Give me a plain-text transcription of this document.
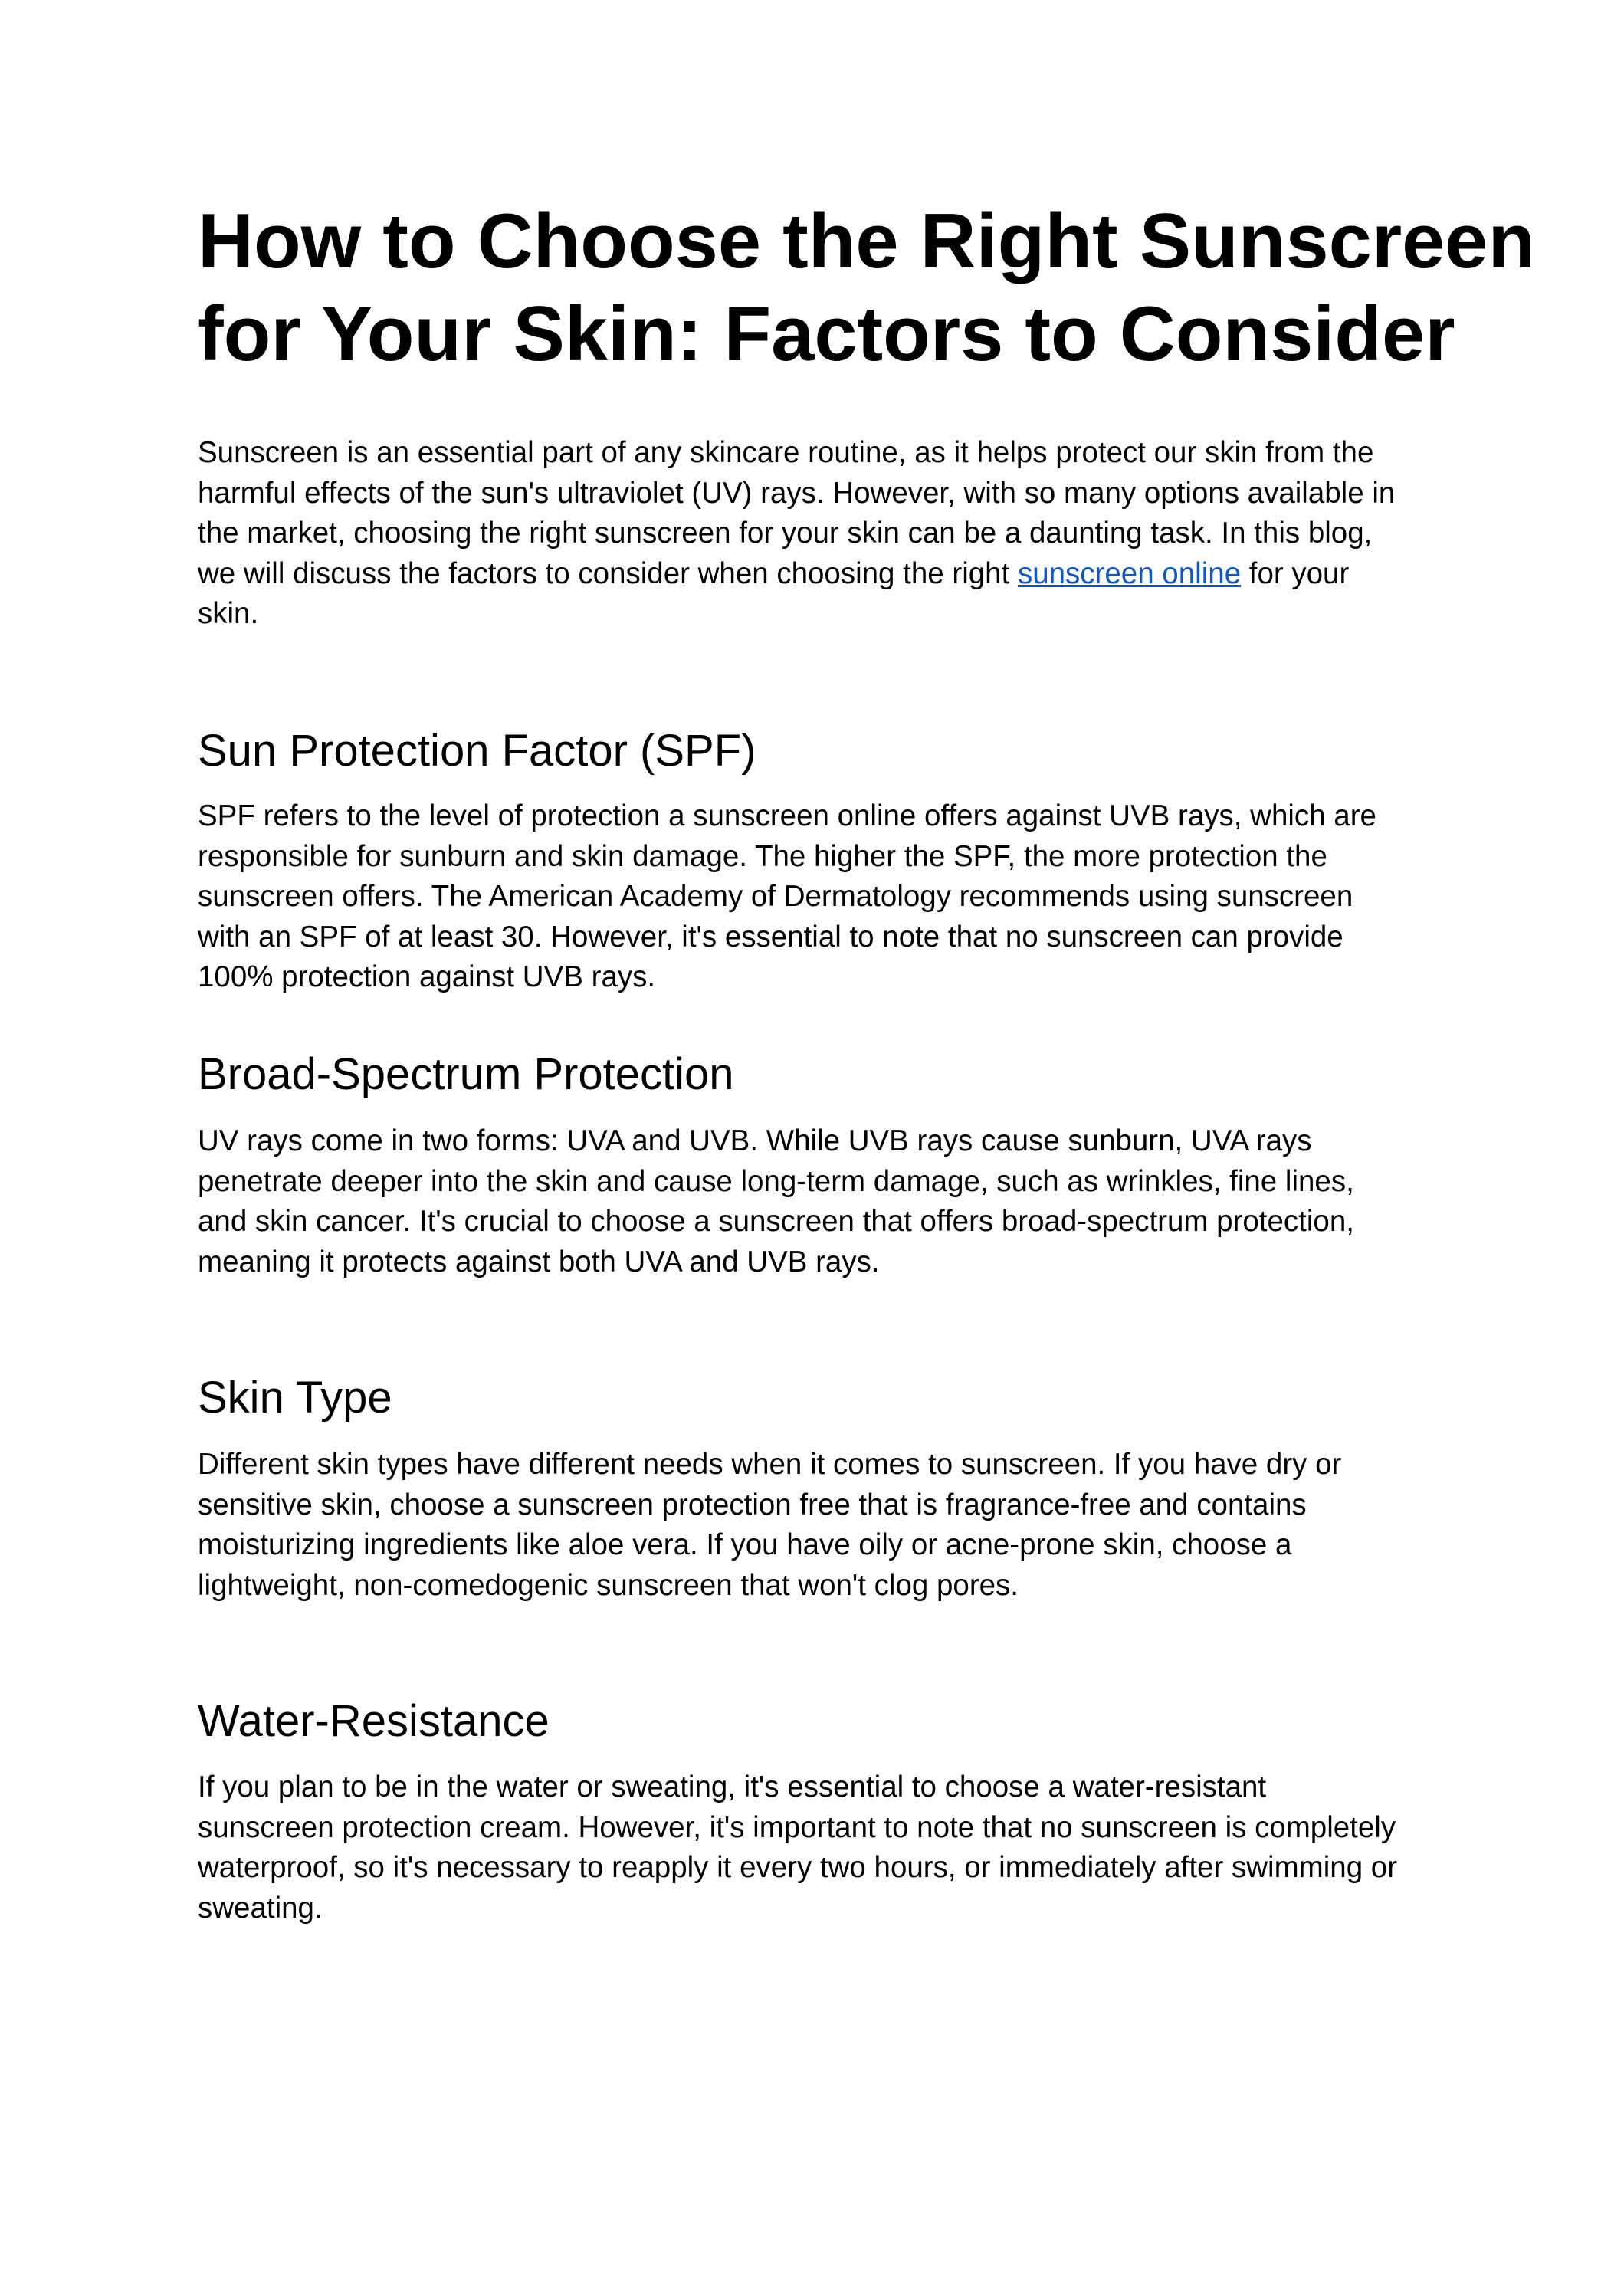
How to Choose the Right Sunscreen
for Your Skin: Factors to Consider
Sunscreen is an essential part of any skincare routine, as it helps protect our skin from the
harmful effects of the sun's ultraviolet (UV) rays. However, with so many options available in
the market, choosing the right sunscreen for your skin can be a daunting task. In this blog,
we will discuss the factors to consider when choosing the right sunscreen online for your
skin.
Sun Protection Factor (SPF)
SPF refers to the level of protection a sunscreen online offers against UVB rays, which are
responsible for sunburn and skin damage. The higher the SPF, the more protection the
sunscreen offers. The American Academy of Dermatology recommends using sunscreen
with an SPF of at least 30. However, it's essential to note that no sunscreen can provide
100% protection against UVB rays.
Broad-Spectrum Protection
UV rays come in two forms: UVA and UVB. While UVB rays cause sunburn, UVA rays
penetrate deeper into the skin and cause long-term damage, such as wrinkles, fine lines,
and skin cancer. It's crucial to choose a sunscreen that offers broad-spectrum protection,
meaning it protects against both UVA and UVB rays.
Skin Type
Different skin types have different needs when it comes to sunscreen. If you have dry or
sensitive skin, choose a sunscreen protection free that is fragrance-free and contains
moisturizing ingredients like aloe vera. If you have oily or acne-prone skin, choose a
lightweight, non-comedogenic sunscreen that won't clog pores.
Water-Resistance
If you plan to be in the water or sweating, it's essential to choose a water-resistant
sunscreen protection cream. However, it's important to note that no sunscreen is completely
waterproof, so it's necessary to reapply it every two hours, or immediately after swimming or
sweating.
